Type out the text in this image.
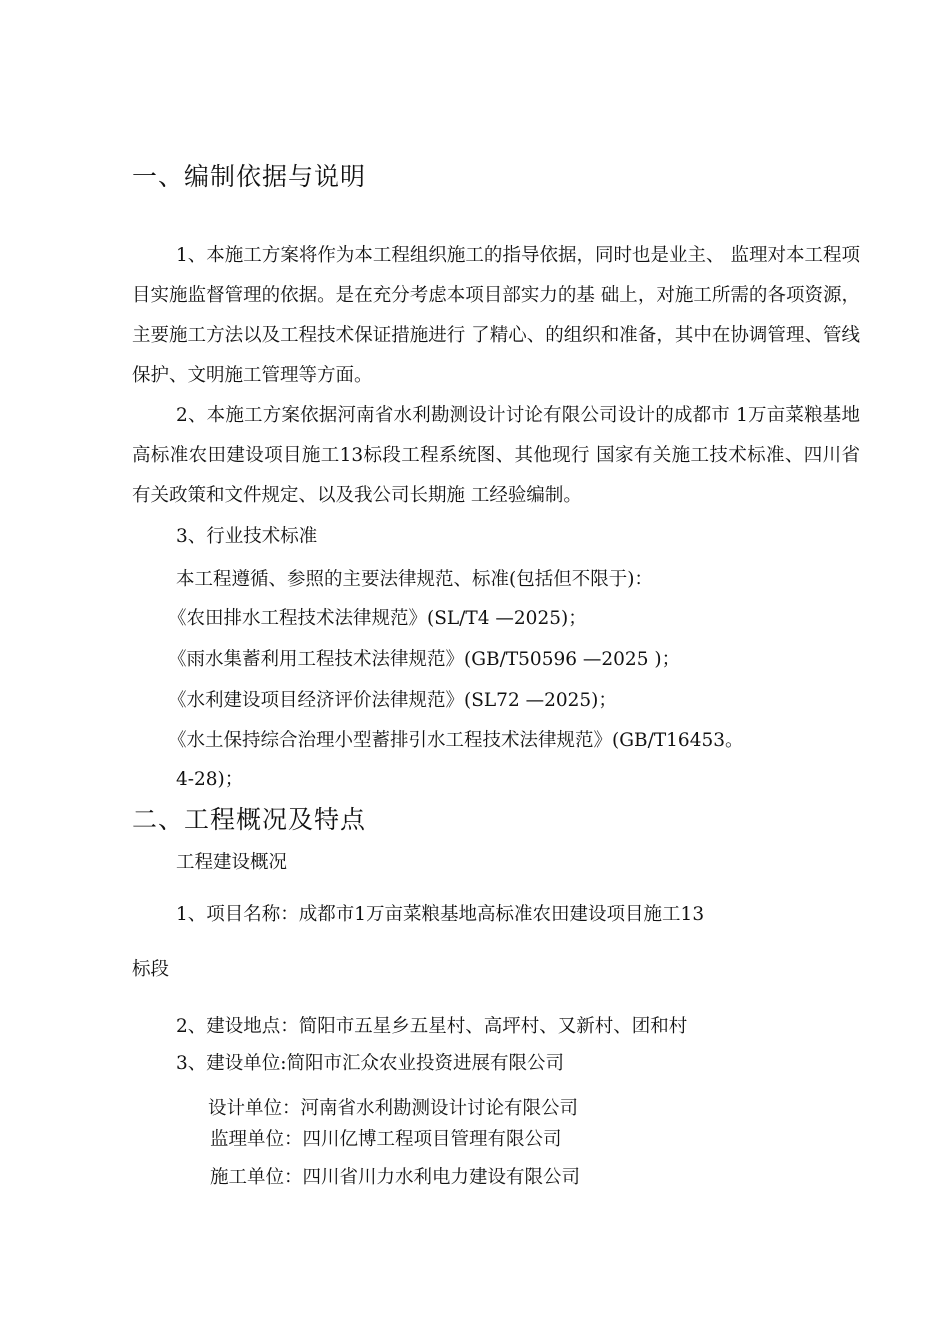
一、编制依据与说明
1、本施工方案将作为本工程组织施工的指导依据，同时也是业主、 监理对本工程项目实施监督管理的依据。是在充分考虑本项目部实力的基 础上，对施工所需的各项资源，主要施工方法以及工程技术保证措施进行 了精心、的组织和准备，其中在协调管理、管线保护、文明施工管理等方面。
2、本施工方案依据河南省水利勘测设计讨论有限公司设计的成都市 1万亩菜粮基地高标准农田建设项目施工13标段工程系统图、其他现行 国家有关施工技术标准、四川省有关政策和文件规定、以及我公司长期施 工经验编制。
3、行业技术标准
本工程遵循、参照的主要法律规范、标准(包括但不限于)：
《农田排水工程技术法律规范》(SL/T4 —2025)；
《雨水集蓄利用工程技术法律规范》(GB/T50596 —2025 )；
《水利建设项目经济评价法律规范》(SL72 —2025)；
《水土保持综合治理小型蓄排引水工程技术法律规范》(GB/T16453。
4-28)；
二、工程概况及特点
工程建设概况
1、项目名称：成都市1万亩菜粮基地高标准农田建设项目施工13
标段
2、建设地点：简阳市五星乡五星村、高坪村、又新村、团和村
3、建设单位:简阳市汇众农业投资进展有限公司
设计单位：河南省水利勘测设计讨论有限公司
监理单位：四川亿博工程项目管理有限公司
施工单位：四川省川力水利电力建设有限公司
